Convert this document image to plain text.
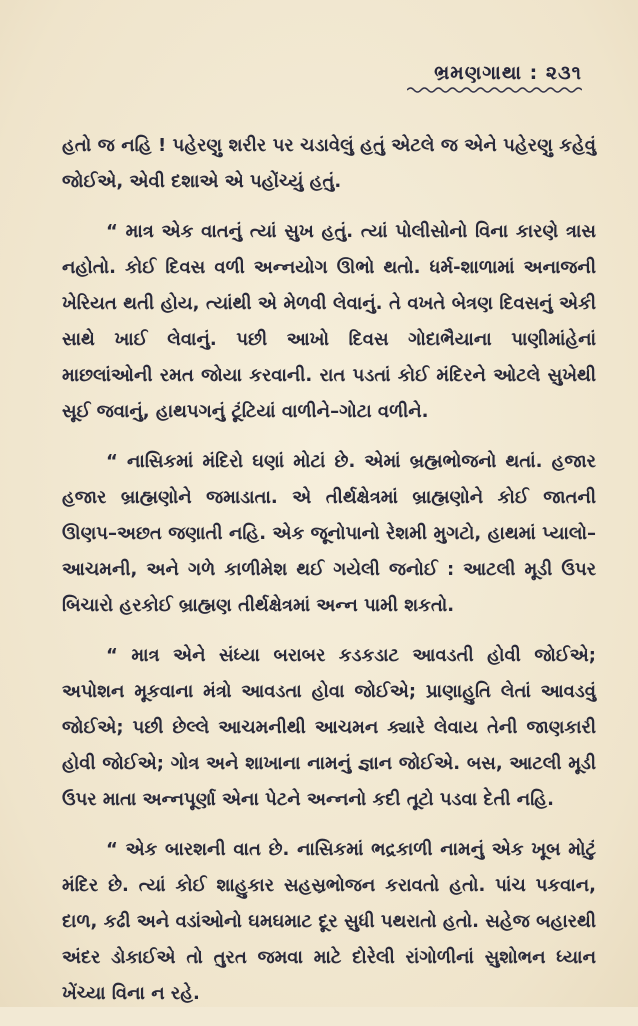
ભ્રમણગાથા : ૨૩૧

હતો જ નહિ ! પહેરણુ શરીર પર ચડાવેલું હતું એટલે જ એને પહેરણુ કહેવું જોઈએ, એવી દશાએ એ પહોંચ્યું હતું.

“ માત્ર એક વાતનું ત્યાં સુખ હતું. ત્યાં પોલીસોનો વિના કારણે ત્રાસ નહોતો. કોઈ દિવસ વળી અન્નયોગ ઊભો થતો. ધર્મ-શાળામાં અનાજની ખેરિયત થતી હોય, ત્યાંથી એ મેળવી લેવાનું. તે વખતે બેત્રણ દિવસનું એકી સાથે ખાઈ લેવાનું. પછી આખો દિવસ ગોદાભૈયાના પાણીમાંહેનાં માછલાંઓની રમત જોયા કરવાની. રાત પડતાં કોઈ મંદિરને ઓટલે સુખેથી સૂઈ જવાનું, હાથપગનું ટૂંટિયાં વાળીને–ગોટા વળીને.

“ નાસિકમાં મંદિરો ઘણાં મોટાં છે. એમાં બ્રહ્મભોજનો થતાં. હજાર હજાર બ્રાહ્મણોને જમાડાતા. એ તીર્થક્ષેત્રમાં બ્રાહ્મણોને કોઈ જાતની ઊણપ–અછત જણાતી નહિ. એક જૂનોપાનો રેશમી મુગટો, હાથમાં પ્યાલો–આચમની, અને ગળે કાળીમેશ થઈ ગયેલી જનોઈ : આટલી મૂડી ઉપર બિચારો હરકોઈ બ્રાહ્મણ તીર્થક્ષેત્રમાં અન્ન પામી શકતો.

“ માત્ર એને સંધ્યા બરાબર કડકડાટ આવડતી હોવી જોઈએ; અપોશન મૂકવાના મંત્રો આવડતા હોવા જોઈએ; પ્રાણાહુતિ લેતાં આવડવું જોઈએ; પછી છેલ્લે આચમનીથી આચમન ક્યારે લેવાય તેની જાણકારી હોવી જોઈએ; ગોત્ર અને શાખાના નામનું જ્ઞાન જોઈએ. બસ, આટલી મૂડી ઉપર માતા અન્નપૂર્ણા એના પેટને અન્નનો કદી તૂટો પડવા દેતી નહિ.

“ એક બારશની વાત છે. નાસિકમાં ભદ્રકાળી નામનું એક ખૂબ મોટું મંદિર છે. ત્યાં કોઈ શાહુકાર સહસ્રભોજન કરાવતો હતો. પાંચ પકવાન, દાળ, કઢી અને વડાંઓનો ઘમઘમાટ દૂર સુધી પથરાતો હતો. સહેજ બહારથી અંદર ડોકાઈએ તો તુરત જમવા માટે દોરેલી રાંગોળીનાં સુશોભન ધ્યાન ખેંચ્યા વિના ન રહે.
